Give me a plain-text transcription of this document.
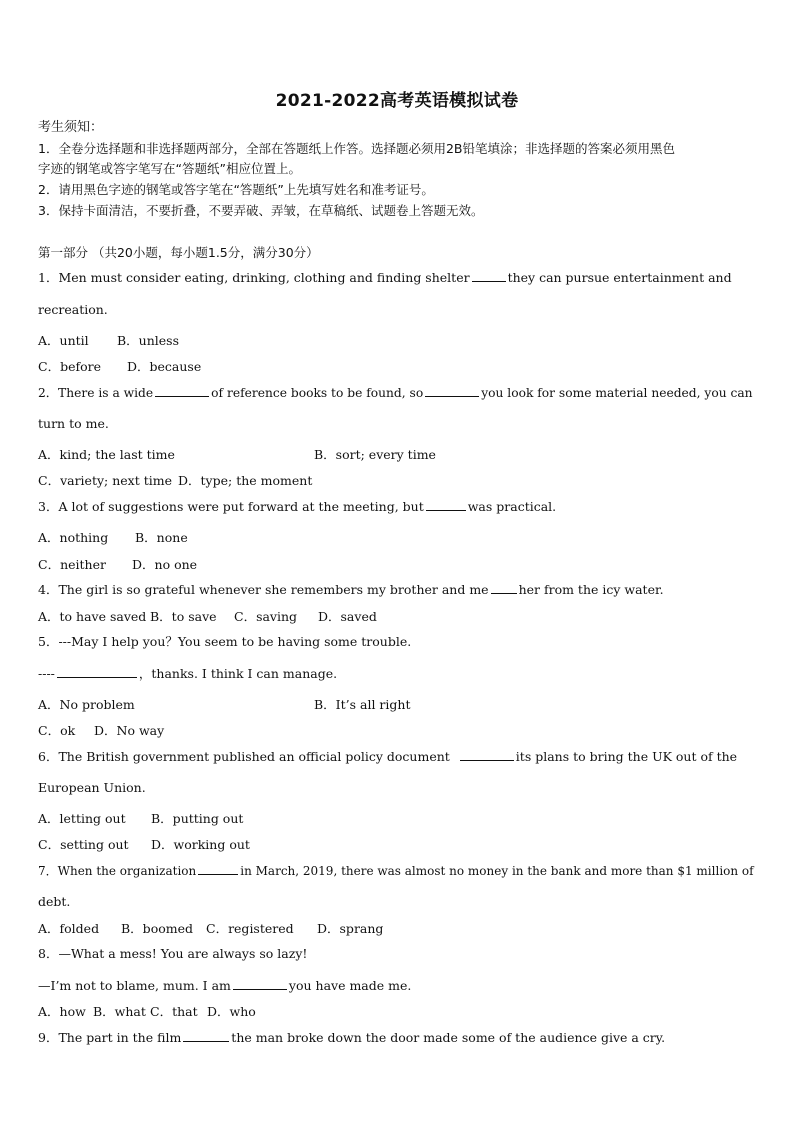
2021-2022高考英语模拟试卷
考生须知：
1．全卷分选择题和非选择题两部分，全部在答题纸上作答。选择题必须用2B铅笔填涂；非选择题的答案必须用黑色
字迹的钢笔或答字笔写在“答题纸”相应位置上。
2．请用黑色字迹的钢笔或答字笔在“答题纸”上先填写姓名和准考证号。
3．保持卡面清洁，不要折叠，不要弄破、弄皱，在草稿纸、试题卷上答题无效。
第一部分 （共20小题，每小题1.5分，满分30分）
1．Men must consider eating, drinking, clothing and finding shelter	they can pursue entertainment and
recreation.
A．until B．unless
C．before D．because
2．There is a wide	of reference books to be found, so	you look for some material needed, you can
turn to me.
A．kind; the last time	B．sort; every time
C．variety; next time D．type; the moment
3．A lot of suggestions were put forward at the meeting, but	was practical.
A．nothing B．none
C．neither D．no one
4．The girl is so grateful whenever she remembers my brother and me her from the icy water.
A．to have saved B．to save C．saving D．saved
5．---May I help you？You seem to be having some trouble.
----	，thanks. I think I can manage.
A．No problem	B．It’s all right
C．ok D．No way
6．The British government published an official policy document	its plans to bring the UK out of the
European Union.
A．letting out B．putting out
C．setting out D．working out
7．When the organization	in March, 2019, there was almost no money in the bank and more than $1 million of
debt.
A．folded B．boomed C．registered D．sprang
8．—What a mess! You are always so lazy!
—I’m not to blame, mum. I am	you have made me.
A．how B．what C．that D．who
9．The part in the film	the man broke down the door made some of the audience give a cry.
